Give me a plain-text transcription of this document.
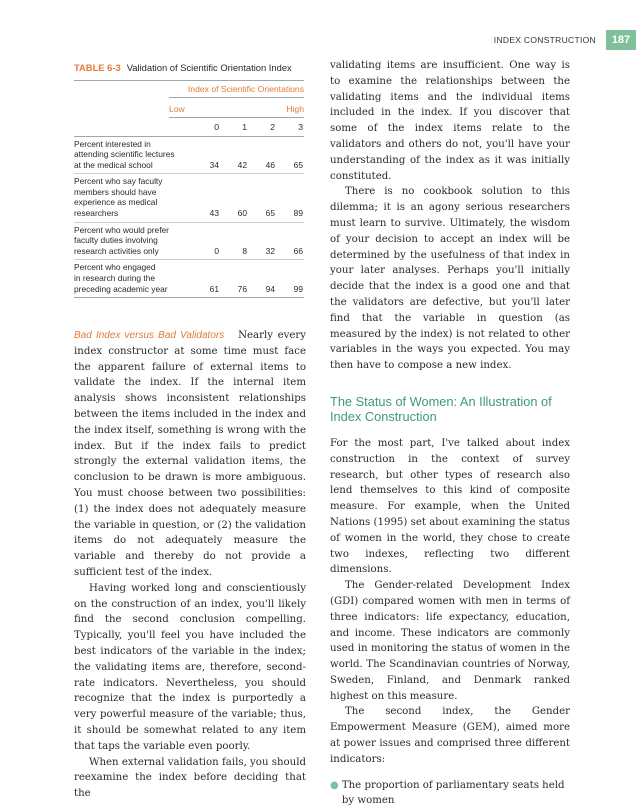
INDEX CONSTRUCTION	187
TABLE 6-3 Validation of Scientific Orientation Index
Index of Scientific Orientations
Low	High
0	1	2	3
Percent interested in
attending scientific lectures
at the medical school	34	42	46	65
Percent who say faculty
members should have
experience as medical
researchers	43	60	65	89
Percent who would prefer
faculty duties involving
research activities only	0	8	32	66
Percent who engaged
in research during the
preceding academic year	61	76	94	99

Bad Index versus Bad Validators Nearly every index constructor at some time must face the apparent failure of external items to validate the index. If the internal item analysis shows inconsistent relationships between the items included in the index and the index itself, something is wrong with the index. But if the index fails to predict strongly the external validation items, the conclusion to be drawn is more ambiguous. You must choose between two possibilities: (1) the index does not adequately measure the variable in question, or (2) the validation items do not adequately measure the variable and thereby do not provide a sufficient test of the index.

Having worked long and conscientiously on the construction of an index, you'll likely find the second conclusion compelling. Typically, you'll feel you have included the best indicators of the variable in the index; the validating items are, therefore, second-rate indicators. Nevertheless, you should recognize that the index is purportedly a very powerful measure of the variable; thus, it should be somewhat related to any item that taps the variable even poorly.

When external validation fails, you should reexamine the index before deciding that the

validating items are insufficient. One way is to examine the relationships between the validating items and the individual items included in the index. If you discover that some of the index items relate to the validators and others do not, you'll have your understanding of the index as it was initially constituted.

There is no cookbook solution to this dilemma; it is an agony serious researchers must learn to survive. Ultimately, the wisdom of your decision to accept an index will be determined by the usefulness of that index in your later analyses. Perhaps you'll initially decide that the index is a good one and that the validators are defective, but you'll later find that the variable in question (as measured by the index) is not related to other variables in the ways you expected. You may then have to compose a new index.

The Status of Women: An Illustration of Index Construction

For the most part, I've talked about index construction in the context of survey research, but other types of research also lend themselves to this kind of composite measure. For example, when the United Nations (1995) set about examining the status of women in the world, they chose to create two indexes, reflecting two different dimensions.

The Gender-related Development Index (GDI) compared women with men in terms of three indicators: life expectancy, education, and income. These indicators are commonly used in monitoring the status of women in the world. The Scandinavian countries of Norway, Sweden, Finland, and Denmark ranked highest on this measure.

The second index, the Gender Empowerment Measure (GEM), aimed more at power issues and comprised three different indicators:

● The proportion of parliamentary seats held by women
